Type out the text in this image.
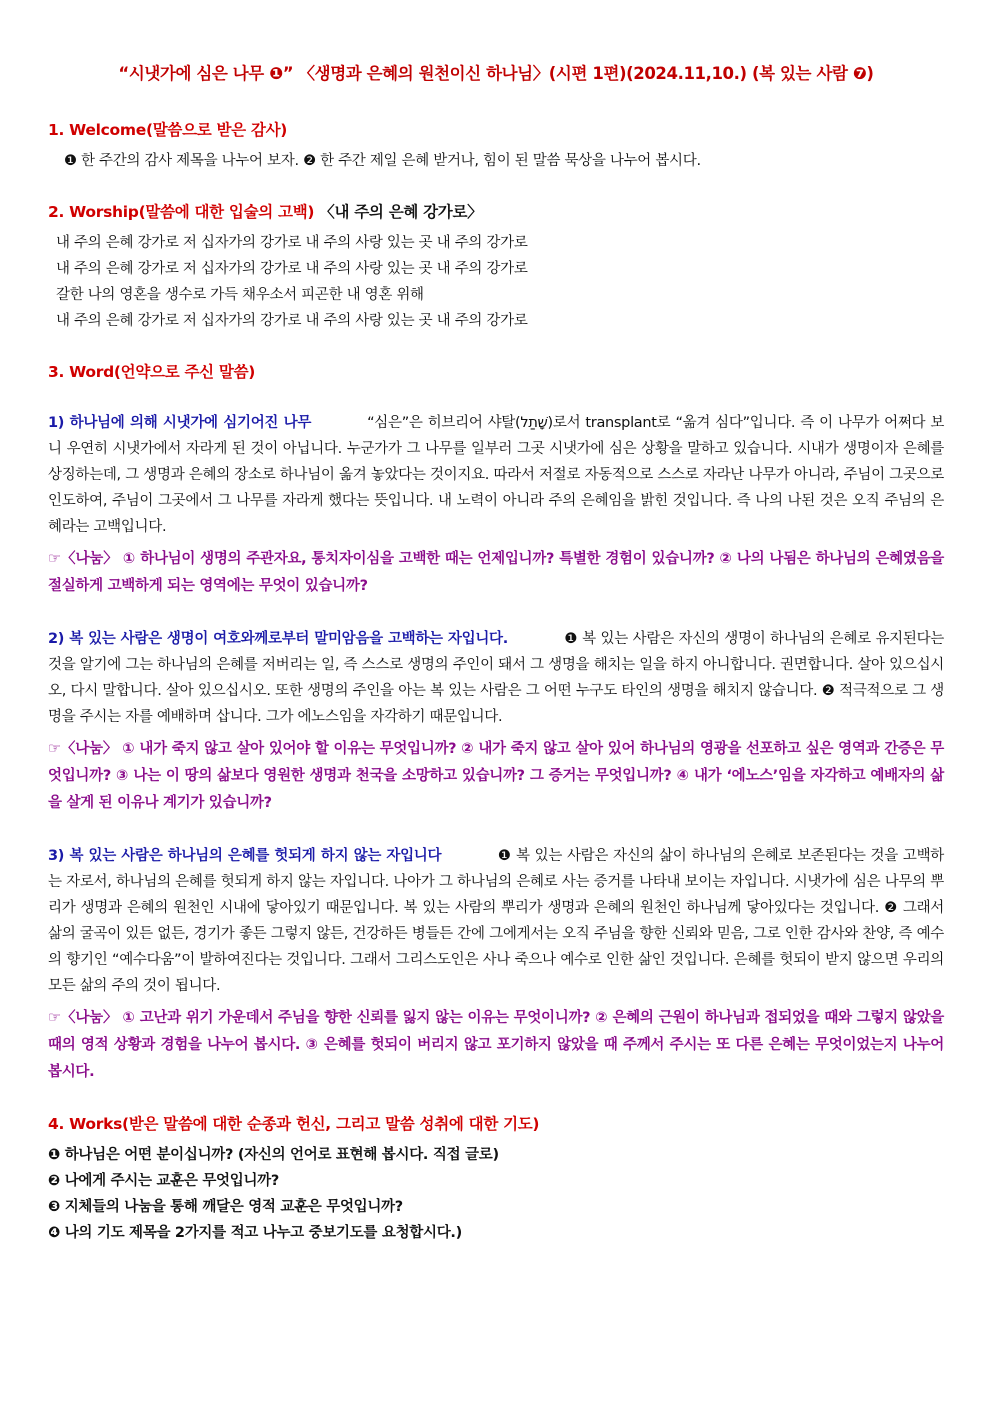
“시냇가에 심은 나무 ❶” 〈생명과 은혜의 원천이신 하나님〉(시편 1편)(2024.11,10.) (복 있는 사람 ❼)
1. Welcome(말씀으로 받은 감사)
❶ 한 주간의 감사 제목을 나누어 보자. ❷ 한 주간 제일 은혜 받거나, 힘이 된 말씀 묵상을 나누어 봅시다.
2. Worship(말씀에 대한 입술의 고백) 〈내 주의 은혜 강가로〉
내 주의 은혜 강가로 저 십자가의 강가로 내 주의 사랑 있는 곳 내 주의 강가로
내 주의 은혜 강가로 저 십자가의 강가로 내 주의 사랑 있는 곳 내 주의 강가로
갈한 나의 영혼을 생수로 가득 채우소서 피곤한 내 영혼 위해
내 주의 은혜 강가로 저 십자가의 강가로 내 주의 사랑 있는 곳 내 주의 강가로
3. Word(언약으로 주신 말씀)
1) 하나님에 의해 시냇가에 심기어진 나무	“심은”은 히브리어 샤탈(שָׁתַל)로서 transplant로 “옮겨 심다”입니다. 즉 이 나무가 어쩌다 보니 우연히 시냇가에서 자라게 된 것이 아닙니다. 누군가가 그 나무를 일부러 그곳 시냇가에 심은 상황을 말하고 있습니다. 시내가 생명이자 은혜를 상징하는데, 그 생명과 은혜의 장소로 하나님이 옮겨 놓았다는 것이지요. 따라서 저절로 자동적으로 스스로 자라난 나무가 아니라, 주님이 그곳으로 인도하여, 주님이 그곳에서 그 나무를 자라게 했다는 뜻입니다. 내 노력이 아니라 주의 은혜임을 밝힌 것입니다. 즉 나의 나된 것은 오직 주님의 은혜라는 고백입니다.
☞〈나눔〉 ① 하나님이 생명의 주관자요, 통치자이심을 고백한 때는 언제입니까? 특별한 경험이 있습니까? ② 나의 나됨은 하나님의 은혜였음을 절실하게 고백하게 되는 영역에는 무엇이 있습니까?
2) 복 있는 사람은 생명이 여호와께로부터 말미암음을 고백하는 자입니다.	❶ 복 있는 사람은 자신의 생명이 하나님의 은혜로 유지된다는 것을 알기에 그는 하나님의 은혜를 저버리는 일, 즉 스스로 생명의 주인이 돼서 그 생명을 해치는 일을 하지 아니합니다. 권면합니다. 살아 있으십시오, 다시 말합니다. 살아 있으십시오. 또한 생명의 주인을 아는 복 있는 사람은 그 어떤 누구도 타인의 생명을 해치지 않습니다. ❷ 적극적으로 그 생명을 주시는 자를 예배하며 삽니다. 그가 에노스임을 자각하기 때문입니다.
☞〈나눔〉 ① 내가 죽지 않고 살아 있어야 할 이유는 무엇입니까? ② 내가 죽지 않고 살아 있어 하나님의 영광을 선포하고 싶은 영역과 간증은 무엇입니까? ③ 나는 이 땅의 삶보다 영원한 생명과 천국을 소망하고 있습니까? 그 증거는 무엇입니까? ④ 내가 ‘에노스’임을 자각하고 예배자의 삶을 살게 된 이유나 계기가 있습니까?
3) 복 있는 사람은 하나님의 은혜를 헛되게 하지 않는 자입니다	❶ 복 있는 사람은 자신의 삶이 하나님의 은혜로 보존된다는 것을 고백하는 자로서, 하나님의 은혜를 헛되게 하지 않는 자입니다. 나아가 그 하나님의 은혜로 사는 증거를 나타내 보이는 자입니다. 시냇가에 심은 나무의 뿌리가 생명과 은혜의 원천인 시내에 닿아있기 때문입니다. 복 있는 사람의 뿌리가 생명과 은혜의 원천인 하나님께 닿아있다는 것입니다. ❷ 그래서 삶의 굴곡이 있든 없든, 경기가 좋든 그렇지 않든, 건강하든 병들든 간에 그에게서는 오직 주님을 향한 신뢰와 믿음, 그로 인한 감사와 찬양, 즉 예수의 향기인 “예수다움”이 발하여진다는 것입니다. 그래서 그리스도인은 사나 죽으나 예수로 인한 삶인 것입니다. 은혜를 헛되이 받지 않으면 우리의 모든 삶의 주의 것이 됩니다.
☞〈나눔〉 ① 고난과 위기 가운데서 주님을 향한 신뢰를 잃지 않는 이유는 무엇이니까? ② 은혜의 근원이 하나님과 접되었을 때와 그렇지 않았을 때의 영적 상황과 경험을 나누어 봅시다. ③ 은혜를 헛되이 버리지 않고 포기하지 않았을 때 주께서 주시는 또 다른 은혜는 무엇이었는지 나누어 봅시다.
4. Works(받은 말씀에 대한 순종과 헌신, 그리고 말씀 성취에 대한 기도)
❶ 하나님은 어떤 분이십니까? (자신의 언어로 표현해 봅시다. 직접 글로)
❷ 나에게 주시는 교훈은 무엇입니까?
❸ 지체들의 나눔을 통해 깨달은 영적 교훈은 무엇입니까?
❹ 나의 기도 제목을 2가지를 적고 나누고 중보기도를 요청합시다.)
